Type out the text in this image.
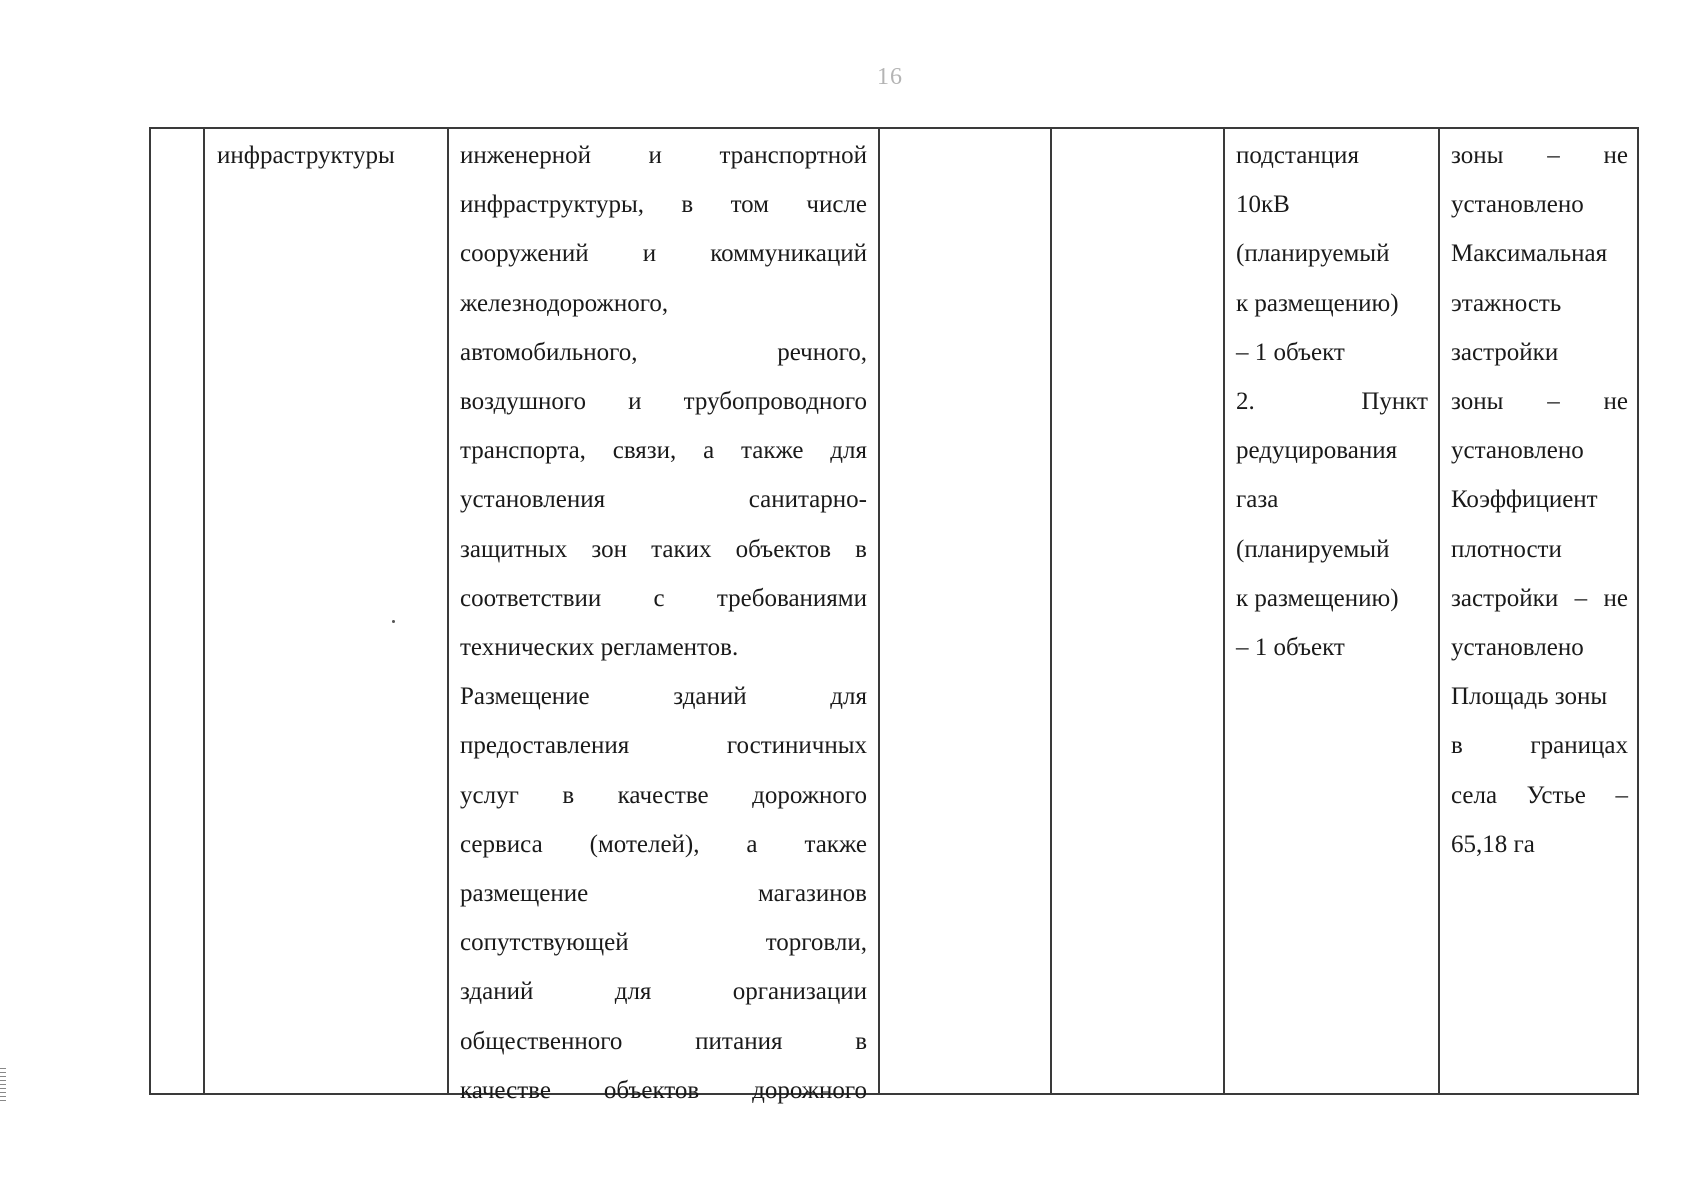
16
инфраструктуры	инженерной и транспортной
инфраструктуры, в том числе
сооружений и коммуникаций
железнодорожного,
автомобильного, речного,
воздушного и трубопроводного
транспорта, связи, а также для
установления санитарно-
защитных зон таких объектов в
соответствии с требованиями
технических регламентов.
Размещение зданий для
предоставления гостиничных
услуг в качестве дорожного
сервиса (мотелей), а также
размещение магазинов
сопутствующей торговли,
зданий для организации
общественного питания в
качестве объектов дорожного
подстанция
10кВ
(планируемый
к размещению)
– 1 объект
2. Пункт
редуцирования
газа
(планируемый
к размещению)
– 1 объект
зоны – не
установлено
Максимальная
этажность
застройки
зоны – не
установлено
Коэффициент
плотности
застройки – не
установлено
Площадь зоны
в границах
села Устье –
65,18 га
